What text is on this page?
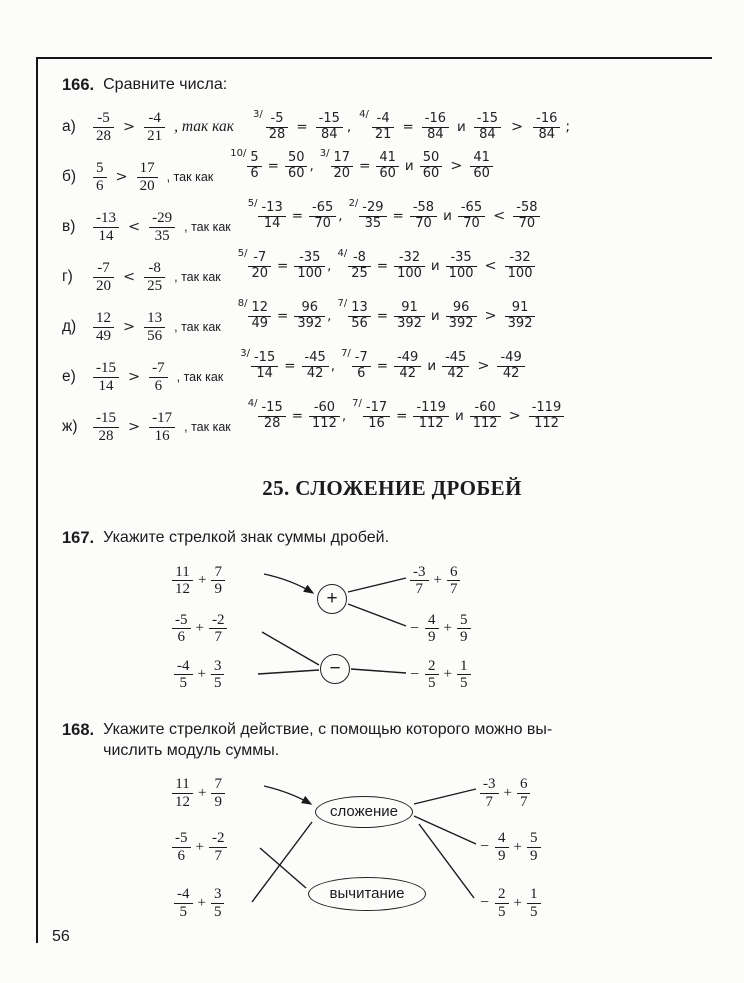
166. Сравните числа:
а)	$\frac{-5}{28} > \frac{-4}{21}$ , так как
$3/ \frac{-5}{28} = \frac{-15}{84}$ ,
$4/ \frac{-4}{21} = \frac{-16}{84}$ и $\frac{-15}{84} > \frac{-16}{84}$ ;
б)	$\frac{5}{6} > \frac{17}{20}$ , так как
$10/ \frac{5}{6} = \frac{50}{60}$ ,
$3/ \frac{17}{20} = \frac{41}{60}$ и $\frac{50}{60} > \frac{41}{60}$
в)	$\frac{-13}{14} < \frac{-29}{35}$ , так как
$5/ \frac{-13}{14} = \frac{-65}{70}$ ,
$2/ \frac{-29}{35} = \frac{-58}{70}$ и $\frac{-65}{70} < \frac{-58}{70}$
г)	$\frac{-7}{20} < \frac{-8}{25}$ , так как
$5/ \frac{-7}{20} = \frac{-35}{100}$ ,
$4/ \frac{-8}{25} = \frac{-32}{100}$ и $\frac{-35}{100} < \frac{-32}{100}$
д)	$\frac{12}{49} > \frac{13}{56}$ , так как
$8/ \frac{12}{49} = \frac{96}{392}$ ,
$7/ \frac{13}{56} = \frac{91}{392}$ и $\frac{96}{392} > \frac{91}{392}$
е)	$\frac{-15}{14} > \frac{-7}{6}$ , так как
$3/ \frac{-15}{14} = \frac{-45}{42}$ ,
$7/ \frac{-7}{6} = \frac{-49}{42}$ и $\frac{-45}{42} > \frac{-49}{42}$
ж)	$\frac{-15}{28} > \frac{-17}{16}$ , так как
$4/ \frac{-15}{28} = \frac{-60}{112}$ ,
$7/ \frac{-17}{16} = \frac{-119}{112}$ и $\frac{-60}{112} > \frac{-119}{112}$
25. СЛОЖЕНИЕ ДРОБЕЙ
167. Укажите стрелкой знак суммы дробей.
$\frac{11}{12} + \frac{7}{9}$
$\frac{-5}{6} + \frac{-2}{7}$
$\frac{-4}{5} + \frac{3}{5}$
+
−
$\frac{-3}{7} + \frac{6}{7}$
− $\frac{4}{9} + \frac{5}{9}$
− $\frac{2}{5} + \frac{1}{5}$
168. Укажите стрелкой действие, с помощью которого можно вы-
числить модуль суммы.
$\frac{11}{12} + \frac{7}{9}$
$\frac{-5}{6} + \frac{-2}{7}$
$\frac{-4}{5} + \frac{3}{5}$
сложение
вычитание
$\frac{-3}{7} + \frac{6}{7}$
− $\frac{4}{9} + \frac{5}{9}$
− $\frac{2}{5} + \frac{1}{5}$
56
